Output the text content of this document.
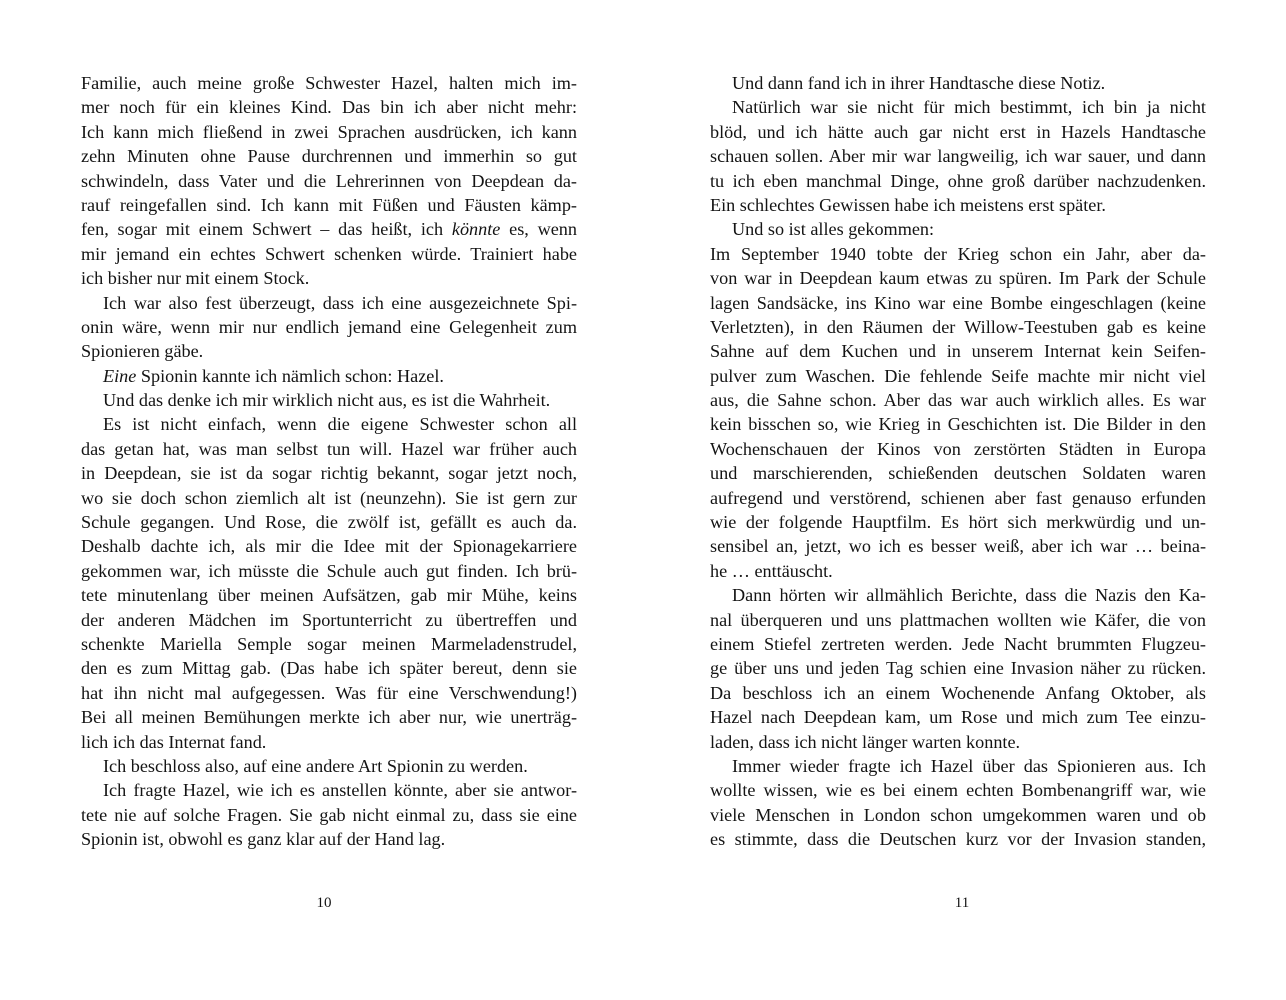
Familie, auch meine große Schwester Hazel, halten mich im-
mer noch für ein kleines Kind. Das bin ich aber nicht mehr:
Ich kann mich fließend in zwei Sprachen ausdrücken, ich kann
zehn Minuten ohne Pause durchrennen und immerhin so gut
schwindeln, dass Vater und die Lehrerinnen von Deepdean da-
rauf reingefallen sind. Ich kann mit Füßen und Fäusten kämp-
fen, sogar mit einem Schwert – das heißt, ich könnte es, wenn
mir jemand ein echtes Schwert schenken würde. Trainiert habe
ich bisher nur mit einem Stock.
Ich war also fest überzeugt, dass ich eine ausgezeichnete Spi-
onin wäre, wenn mir nur endlich jemand eine Gelegenheit zum
Spionieren gäbe.
Eine Spionin kannte ich nämlich schon: Hazel.
Und das denke ich mir wirklich nicht aus, es ist die Wahrheit.
Es ist nicht einfach, wenn die eigene Schwester schon all
das getan hat, was man selbst tun will. Hazel war früher auch
in Deepdean, sie ist da sogar richtig bekannt, sogar jetzt noch,
wo sie doch schon ziemlich alt ist (neunzehn). Sie ist gern zur
Schule gegangen. Und Rose, die zwölf ist, gefällt es auch da.
Deshalb dachte ich, als mir die Idee mit der Spionagekarriere
gekommen war, ich müsste die Schule auch gut finden. Ich brü-
tete minutenlang über meinen Aufsätzen, gab mir Mühe, keins
der anderen Mädchen im Sportunterricht zu übertreffen und
schenkte Mariella Semple sogar meinen Marmeladenstrudel,
den es zum Mittag gab. (Das habe ich später bereut, denn sie
hat ihn nicht mal aufgegessen. Was für eine Verschwendung!)
Bei all meinen Bemühungen merkte ich aber nur, wie unerträg-
lich ich das Internat fand.
Ich beschloss also, auf eine andere Art Spionin zu werden.
Ich fragte Hazel, wie ich es anstellen könnte, aber sie antwor-
tete nie auf solche Fragen. Sie gab nicht einmal zu, dass sie eine
Spionin ist, obwohl es ganz klar auf der Hand lag.
Und dann fand ich in ihrer Handtasche diese Notiz.
Natürlich war sie nicht für mich bestimmt, ich bin ja nicht
blöd, und ich hätte auch gar nicht erst in Hazels Handtasche
schauen sollen. Aber mir war langweilig, ich war sauer, und dann
tu ich eben manchmal Dinge, ohne groß darüber nachzudenken.
Ein schlechtes Gewissen habe ich meistens erst später.
Und so ist alles gekommen:
Im September 1940 tobte der Krieg schon ein Jahr, aber da-
von war in Deepdean kaum etwas zu spüren. Im Park der Schule
lagen Sandsäcke, ins Kino war eine Bombe eingeschlagen (keine
Verletzten), in den Räumen der Willow-Teestuben gab es keine
Sahne auf dem Kuchen und in unserem Internat kein Seifen-
pulver zum Waschen. Die fehlende Seife machte mir nicht viel
aus, die Sahne schon. Aber das war auch wirklich alles. Es war
kein bisschen so, wie Krieg in Geschichten ist. Die Bilder in den
Wochenschauen der Kinos von zerstörten Städten in Europa
und marschierenden, schießenden deutschen Soldaten waren
aufregend und verstörend, schienen aber fast genauso erfunden
wie der folgende Hauptfilm. Es hört sich merkwürdig und un-
sensibel an, jetzt, wo ich es besser weiß, aber ich war … beina-
he … enttäuscht.
Dann hörten wir allmählich Berichte, dass die Nazis den Ka-
nal überqueren und uns plattmachen wollten wie Käfer, die von
einem Stiefel zertreten werden. Jede Nacht brummten Flugzeu-
ge über uns und jeden Tag schien eine Invasion näher zu rücken.
Da beschloss ich an einem Wochenende Anfang Oktober, als
Hazel nach Deepdean kam, um Rose und mich zum Tee einzu-
laden, dass ich nicht länger warten konnte.
Immer wieder fragte ich Hazel über das Spionieren aus. Ich
wollte wissen, wie es bei einem echten Bombenangriff war, wie
viele Menschen in London schon umgekommen waren und ob
es stimmte, dass die Deutschen kurz vor der Invasion standen,
10	11
